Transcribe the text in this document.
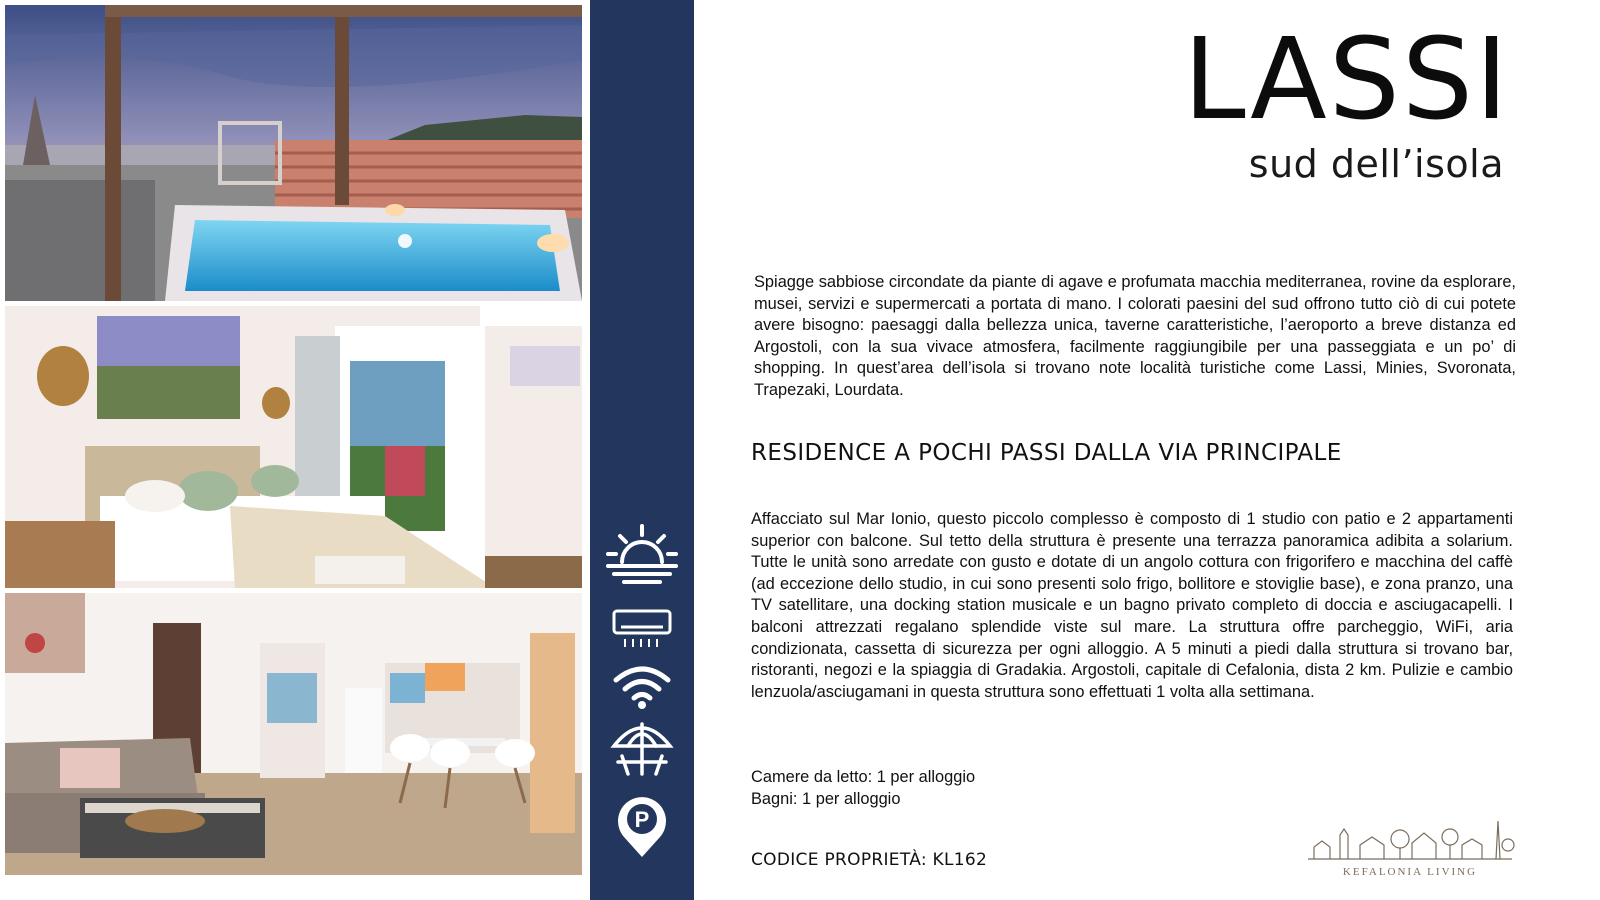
P
LASSI
sud dell’isola

Spiagge sabbiose circondate da piante di agave e profumata macchia mediterranea, rovine da esplorare, musei, servizi e supermercati a portata di mano. I colorati paesini del sud offrono tutto ciò di cui potete avere bisogno: paesaggi dalla bellezza unica, taverne caratteristiche, l’aeroporto a breve distanza ed Argostoli, con la sua vivace atmosfera, facilmente raggiungibile per una passeggiata e un po’ di shopping. In quest’area dell’isola si trovano note località turistiche come Lassi, Minies, Svoronata, Trapezaki, Lourdata.

RESIDENCE A POCHI PASSI DALLA VIA PRINCIPALE

Affacciato sul Mar Ionio, questo piccolo complesso è composto di 1 studio con patio e 2 appartamenti superior con balcone. Sul tetto della struttura è presente una terrazza panoramica adibita a solarium. Tutte le unità sono arredate con gusto e dotate di un angolo cottura con frigorifero e macchina del caffè (ad eccezione dello studio, in cui sono presenti solo frigo, bollitore e stoviglie base), e zona pranzo, una TV satellitare, una docking station musicale e un bagno privato completo di doccia e asciugacapelli. I balconi attrezzati regalano splendide viste sul mare. La struttura offre parcheggio, WiFi, aria condizionata, cassetta di sicurezza per ogni alloggio. A 5 minuti a piedi dalla struttura si trovano bar, ristoranti, negozi e la spiaggia di Gradakia. Argostoli, capitale di Cefalonia, dista 2 km. Pulizie e cambio lenzuola/asciugamani in questa struttura sono effettuati 1 volta alla settimana.

Camere da letto: 1 per alloggio
Bagni: 1 per alloggio
CODICE PROPRIETÀ: KL162
KEFALONIA LIVING
